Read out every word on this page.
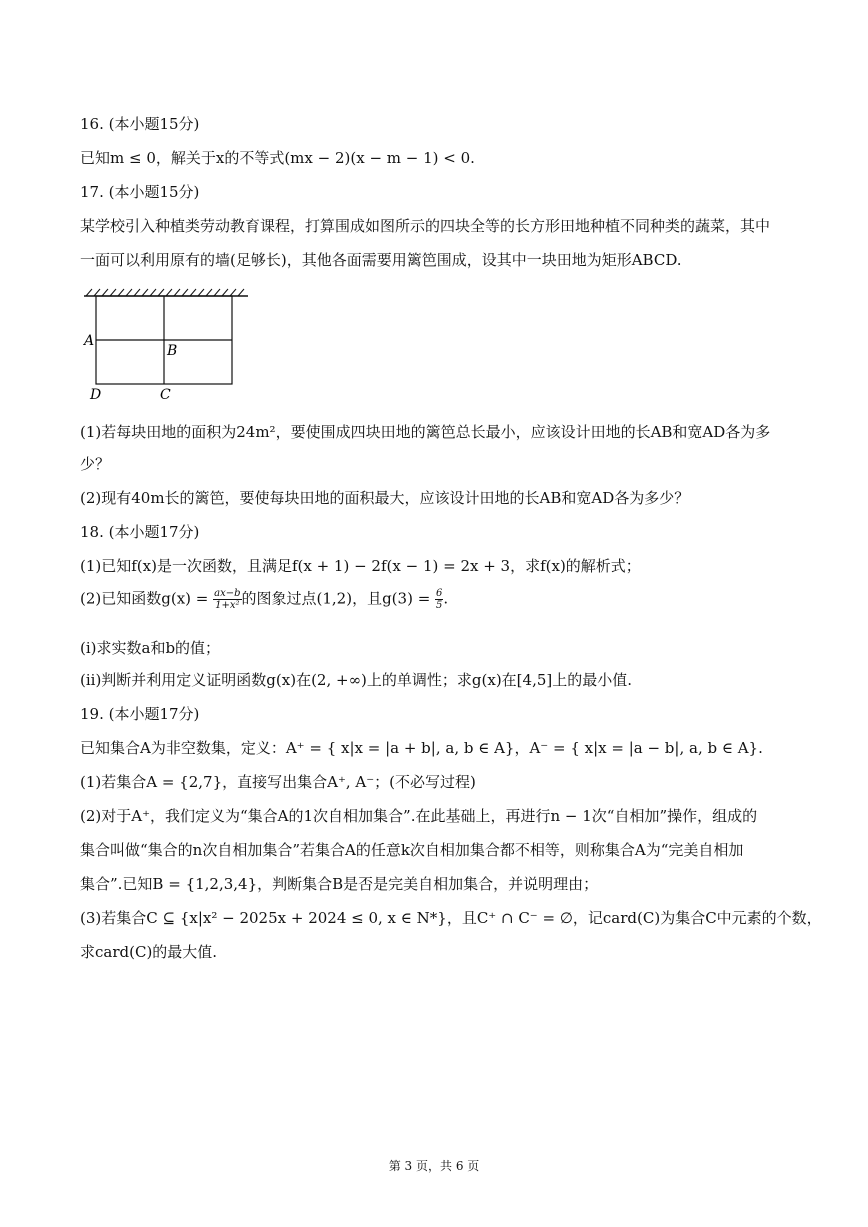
16. (本小题15分)
已知m ≤ 0，解关于x的不等式(mx − 2)(x − m − 1) < 0.
17. (本小题15分)
某学校引入种植类劳动教育课程，打算围成如图所示的四块全等的长方形田地种植不同种类的蔬菜，其中
一面可以利用原有的墙(足够长)，其他各面需要用篱笆围成，设其中一块田地为矩形ABCD.
A
B
C
D
(1)若每块田地的面积为24m²，要使围成四块田地的篱笆总长最小，应该设计田地的长AB和宽AD各为多
少？
(2)现有40m长的篱笆，要使每块田地的面积最大，应该设计田地的长AB和宽AD各为多少？
18. (本小题17分)
(1)已知f(x)是一次函数，且满足f(x + 1) − 2f(x − 1) = 2x + 3，求f(x)的解析式；
(2)已知函数$g(x) = \frac{ax-b}{\text{1+x²}}$ 的图象过点(1,2)，且$g(3) = \frac{6}{5}$ .
(i)求实数a和b的值；
(ii)判断并利用定义证明函数g(x)在(2, +∞)上的单调性；求g(x)在[4,5]上的最小值.
19. (本小题17分)
已知集合A为非空数集，定义：A⁺ = { x|x = |a + b|, a, b ∈ A}，A⁻ = { x|x = |a − b|, a, b ∈ A}.
(1)若集合A = {2,7}，直接写出集合A⁺, A⁻；(不必写过程)
(2)对于A⁺，我们定义为“集合A的1次自相加集合”.在此基础上，再进行n − 1次“自相加”操作，组成的
集合叫做“集合的n次自相加集合”若集合A的任意k次自相加集合都不相等，则称集合A为“完美自相加
集合”.已知B = {1,2,3,4}，判断集合B是否是完美自相加集合，并说明理由；
(3)若集合C ⊆ {x|x² − 2025x + 2024 ≤ 0, x ∈ N*}，且C⁺ ∩ C⁻ = ∅，记card(C)为集合C中元素的个数，
求card(C)的最大值.
第 3 页，共 6 页
